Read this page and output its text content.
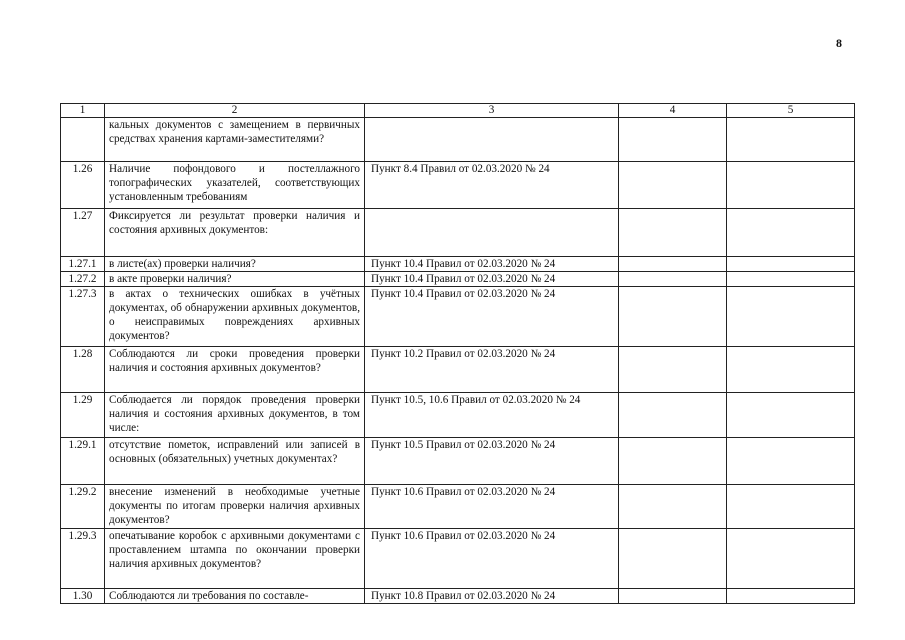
8
1	2	3	4	5
	кальных документов с замещением в первичных средствах хранения картами-заместителями?			
1.26	Наличие пофондового и постеллажного топографических указателей, соответствующих установленным требованиям	Пункт 8.4 Правил от 02.03.2020 № 24		
1.27	Фиксируется ли результат проверки наличия и состояния архивных документов:			
1.27.1	в листе(ах) проверки наличия?	Пункт 10.4 Правил от 02.03.2020 № 24		
1.27.2	в акте проверки наличия?	Пункт 10.4 Правил от 02.03.2020 № 24		
1.27.3	в актах о технических ошибках в учётных документах, об обнаружении архивных документов, о неисправимых повреждениях архивных документов?	Пункт 10.4 Правил от 02.03.2020 № 24		
1.28	Соблюдаются ли сроки проведения проверки наличия и состояния архивных документов?	Пункт 10.2 Правил от 02.03.2020 № 24		
1.29	Соблюдается ли порядок проведения проверки наличия и состояния архивных документов, в том числе:	Пункт 10.5, 10.6 Правил от 02.03.2020 № 24		
1.29.1	отсутствие пометок, исправлений или записей в основных (обязательных) учетных документах?	Пункт 10.5 Правил от 02.03.2020 № 24		
1.29.2	внесение изменений в необходимые учетные документы по итогам проверки наличия архивных документов?	Пункт 10.6 Правил от 02.03.2020 № 24		
1.29.3	опечатывание коробок с архивными документами с проставлением штампа по окончании проверки наличия архивных документов?	Пункт 10.6 Правил от 02.03.2020 № 24		
1.30	Соблюдаются ли требования по составле-	Пункт 10.8 Правил от 02.03.2020 № 24		
